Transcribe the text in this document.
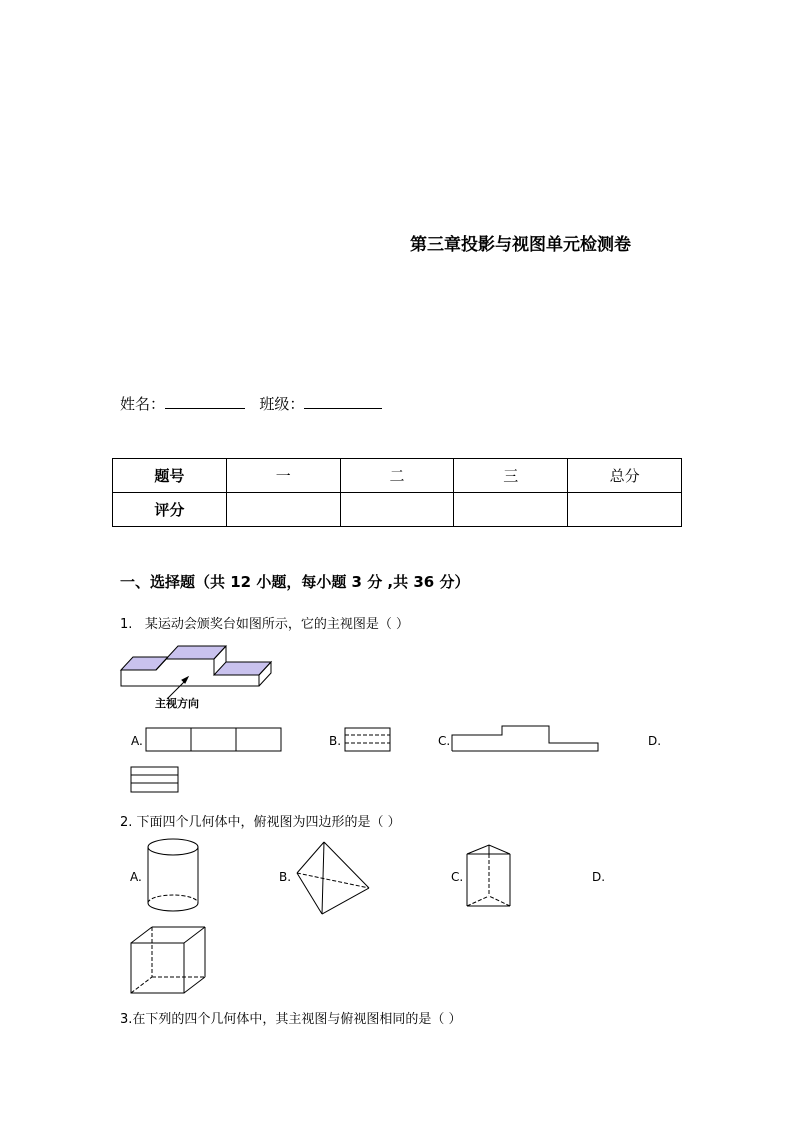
第三章投影与视图单元检测卷
姓名：	班级：
题号	一	二	三	总分
评分				
一、选择题（共 12 小题，每小题 3 分 ,共 36 分）
1. 某运动会颁奖台如图所示，它的主视图是（ ）
主视方向
A.	B.	C.	D.
2. 下面四个几何体中，俯视图为四边形的是（ ）
A.	B.	C.	D.
3.在下列的四个几何体中，其主视图与俯视图相同的是（ ）
